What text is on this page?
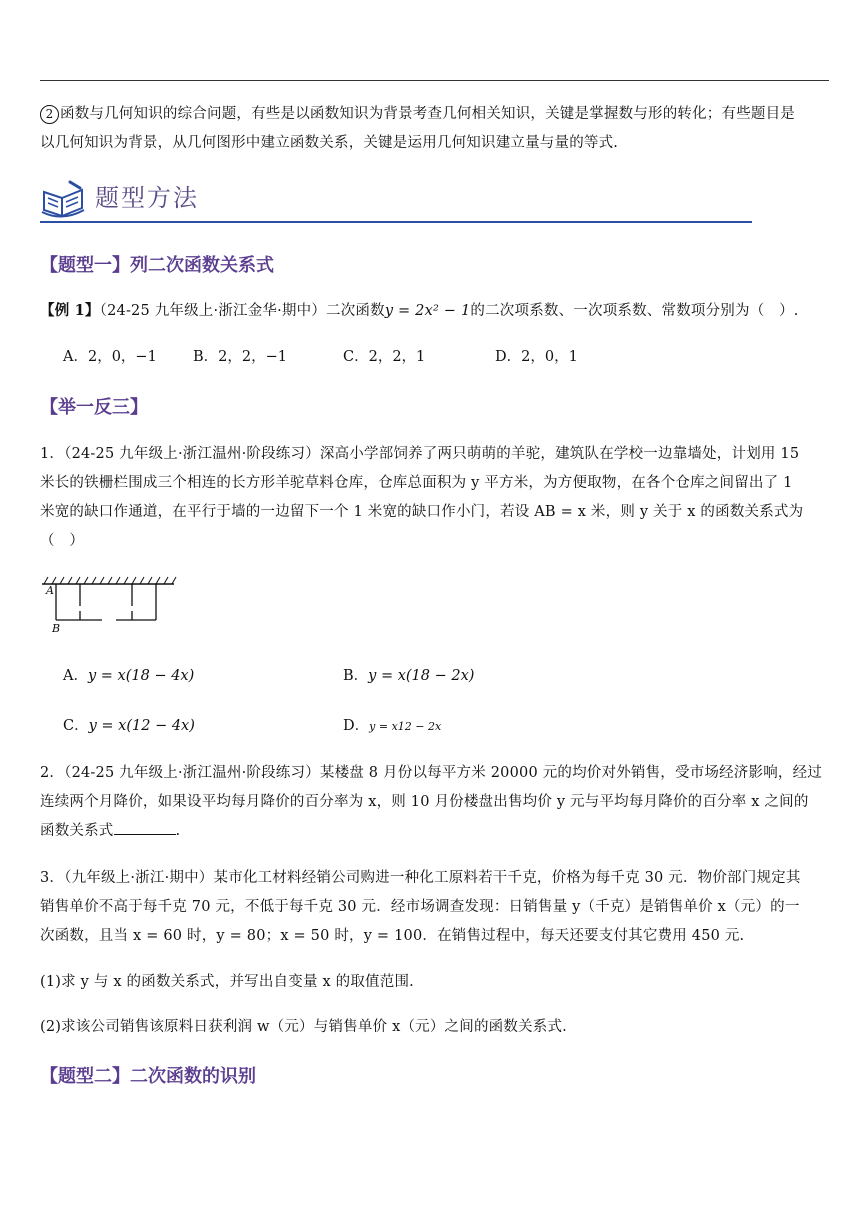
2 函数与几何知识的综合问题，有些是以函数知识为背景考查几何相关知识，关键是掌握数与形的转化；有些题目是
以几何知识为背景，从几何图形中建立函数关系，关键是运用几何知识建立量与量的等式.
题型方法
【题型一】列二次函数关系式
【例 1】（24-25 九年级上·浙江金华·期中）二次函数y = 2x² − 1的二次项系数、一次项系数、常数项分别为（　）.
A．2，0，−1 B．2，2，−1	C．2，2，1	D．2，0，1
【举一反三】
1．（24-25 九年级上·浙江温州·阶段练习）深高小学部饲养了两只萌萌的羊驼，建筑队在学校一边靠墙处，计划用 15
米长的铁栅栏围成三个相连的长方形羊驼草料仓库，仓库总面积为 y 平方米，为方便取物，在各个仓库之间留出了 1
米宽的缺口作通道，在平行于墙的一边留下一个 1 米宽的缺口作小门，若设 AB = x 米，则 y 关于 x 的函数关系式为
（　）
A
B
A．y = x(18 − 4x)	B．y = x(18 − 2x)
C．y = x(12 − 4x)	D．y = x12 − 2x
2．（24-25 九年级上·浙江温州·阶段练习）某楼盘 8 月份以每平方米 20000 元的均价对外销售，受市场经济影响，经过
连续两个月降价，如果设平均每月降价的百分率为 x，则 10 月份楼盘出售均价 y 元与平均每月降价的百分率 x 之间的
函数关系式	.
3．（九年级上·浙江·期中）某市化工材料经销公司购进一种化工原料若干千克，价格为每千克 30 元．物价部门规定其
销售单价不高于每千克 70 元，不低于每千克 30 元．经市场调查发现：日销售量 y（千克）是销售单价 x（元）的一
次函数，且当 x = 60 时，y = 80；x = 50 时，y = 100．在销售过程中，每天还要支付其它费用 450 元.
(1)求 y 与 x 的函数关系式，并写出自变量 x 的取值范围.
(2)求该公司销售该原料日获利润 w（元）与销售单价 x（元）之间的函数关系式.
【题型二】二次函数的识别
